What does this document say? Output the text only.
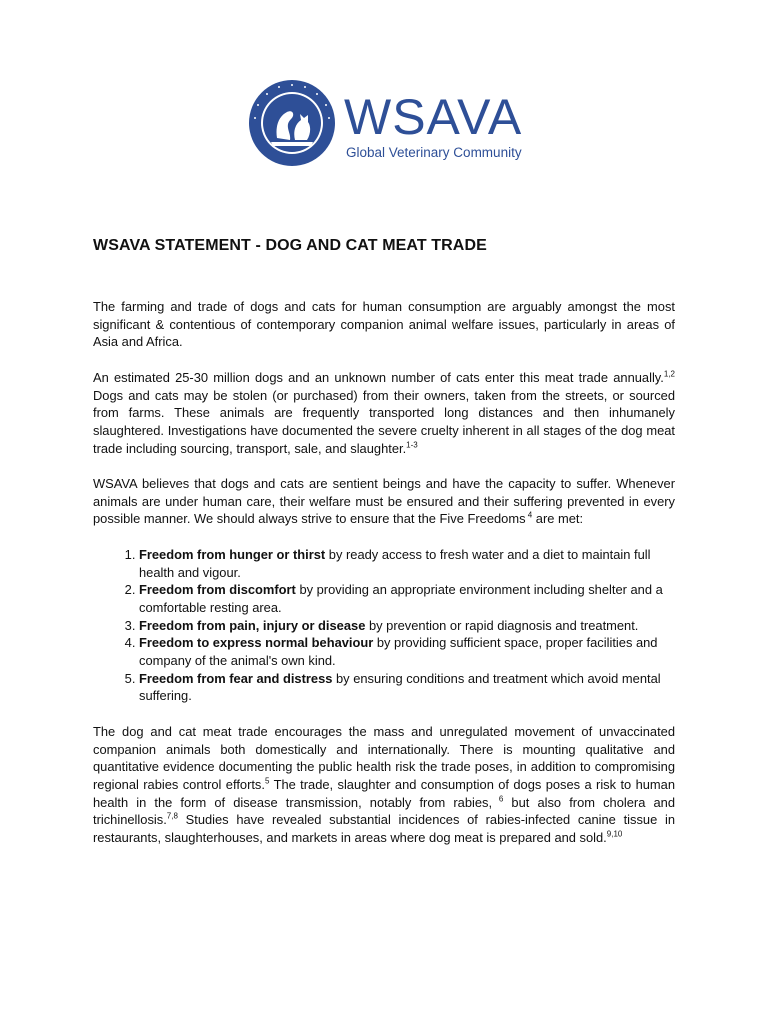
WSAVA
Global Veterinary Community
WSAVA STATEMENT - DOG AND CAT MEAT TRADE

The farming and trade of dogs and cats for human consumption are arguably amongst the most significant & contentious of contemporary companion animal welfare issues, particularly in areas of Asia and Africa.

An estimated 25-30 million dogs and an unknown number of cats enter this meat trade annually.$^{1,2}$ Dogs and cats may be stolen (or purchased) from their owners, taken from the streets, or sourced from farms. These animals are frequently transported long distances and then inhumanely slaughtered. Investigations have documented the severe cruelty inherent in all stages of the dog meat trade including sourcing, transport, sale, and slaughter.$^{1-3}$

WSAVA believes that dogs and cats are sentient beings and have the capacity to suffer. Whenever animals are under human care, their welfare must be ensured and their suffering prevented in every possible manner. We should always strive to ensure that the Five Freedoms $^4$ are met:

1. Freedom from hunger or thirst by ready access to fresh water and a diet to maintain full health and vigour.
2. Freedom from discomfort by providing an appropriate environment including shelter and a comfortable resting area.
3. Freedom from pain, injury or disease by prevention or rapid diagnosis and treatment.
4. Freedom to express normal behaviour by providing sufficient space, proper facilities and company of the animal's own kind.
5. Freedom from fear and distress by ensuring conditions and treatment which avoid mental suffering.

The dog and cat meat trade encourages the mass and unregulated movement of unvaccinated companion animals both domestically and internationally. There is mounting qualitative and quantitative evidence documenting the public health risk the trade poses, in addition to compromising regional rabies control efforts.$^5$ The trade, slaughter and consumption of dogs poses a risk to human health in the form of disease transmission, notably from rabies, $^6$ but also from cholera and trichinellosis.$^{7,8}$ Studies have revealed substantial incidences of rabies-infected canine tissue in restaurants, slaughterhouses, and markets in areas where dog meat is prepared and sold.$^{9,10}$
